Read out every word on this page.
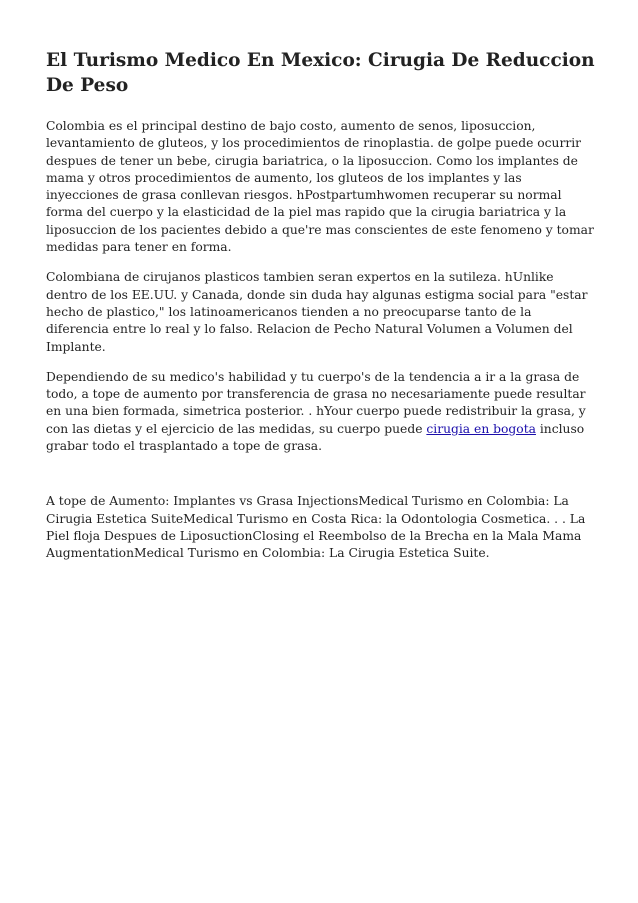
El Turismo Medico En Mexico: Cirugia De Reduccion De Peso

Colombia es el principal destino de bajo costo, aumento de senos, liposuccion, levantamiento de gluteos, y los procedimientos de rinoplastia. de golpe puede ocurrir despues de tener un bebe, cirugia bariatrica, o la liposuccion. Como los implantes de mama y otros procedimientos de aumento, los gluteos de los implantes y las inyecciones de grasa conllevan riesgos. hPostpartumhwomen recuperar su normal forma del cuerpo y la elasticidad de la piel mas rapido que la cirugia bariatrica y la liposuccion de los pacientes debido a que're mas conscientes de este fenomeno y tomar medidas para tener en forma.

Colombiana de cirujanos plasticos tambien seran expertos en la sutileza. hUnlike dentro de los EE.UU. y Canada, donde sin duda hay algunas estigma social para "estar hecho de plastico," los latinoamericanos tienden a no preocuparse tanto de la diferencia entre lo real y lo falso. Relacion de Pecho Natural Volumen a Volumen del Implante.

Dependiendo de su medico's habilidad y tu cuerpo's de la tendencia a ir a la grasa de todo, a tope de aumento por transferencia de grasa no necesariamente puede resultar en una bien formada, simetrica posterior. . hYour cuerpo puede redistribuir la grasa, y con las dietas y el ejercicio de las medidas, su cuerpo puede cirugia en bogota incluso grabar todo el trasplantado a tope de grasa.

A tope de Aumento: Implantes vs Grasa InjectionsMedical Turismo en Colombia: La Cirugia Estetica SuiteMedical Turismo en Costa Rica: la Odontologia Cosmetica. . . La Piel floja Despues de LiposuctionClosing el Reembolso de la Brecha en la Mala Mama AugmentationMedical Turismo en Colombia: La Cirugia Estetica Suite.
